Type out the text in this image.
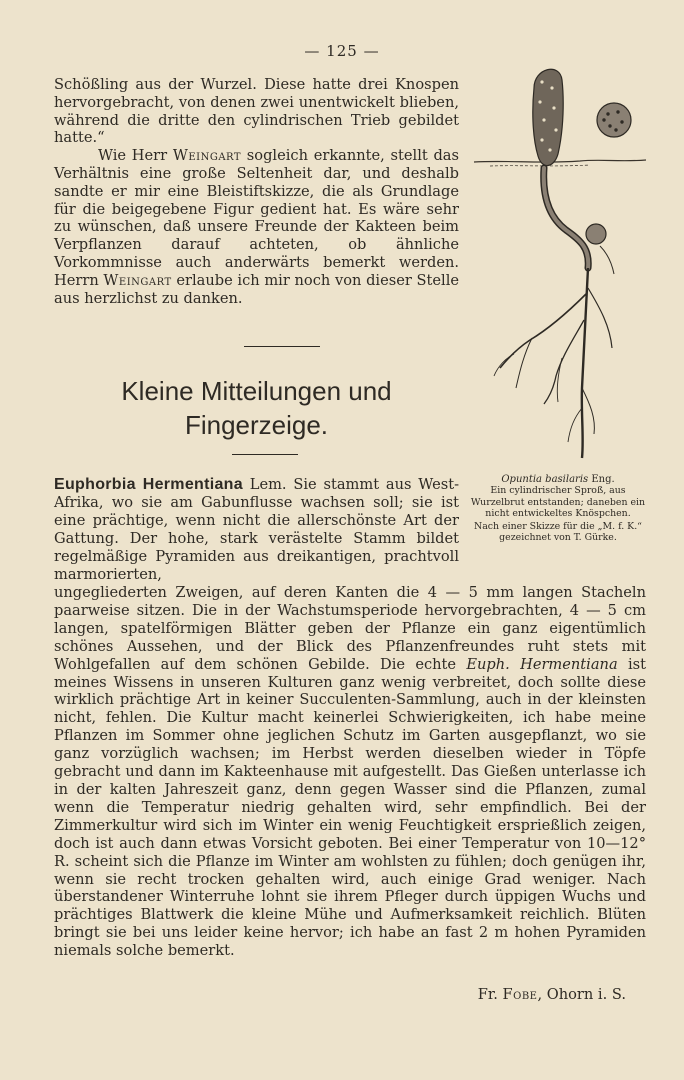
— 125 —

Schößling aus der Wurzel. Diese hatte drei Knospen hervorgebracht, von denen zwei unentwickelt blieben, während die dritte den cylindrischen Trieb gebildet hatte.“

Wie Herr Weingart sogleich erkannte, stellt das Verhältnis eine große Seltenheit dar, und deshalb sandte er mir eine Bleistiftskizze, die als Grundlage für die beigegebene Figur gedient hat. Es wäre sehr zu wünschen, daß unsere Freunde der Kakteen beim Verpflanzen darauf achteten, ob ähnliche Vorkommnisse auch anderwärts bemerkt werden. Herrn Weingart erlaube ich mir noch von dieser Stelle aus herzlichst zu danken.

Kleine Mitteilungen und
Fingerzeige.
Opuntia basilaris Eng.
Ein cylindrischer Sproß, aus Wurzelbrut entstanden; daneben ein nicht entwickeltes Knöspchen.
Nach einer Skizze für die „M. f. K.“ gezeichnet von T. Gürke.

Euphorbia Hermentiana Lem. Sie stammt aus West-Afrika, wo sie am Gabunflusse wachsen soll; sie ist eine prächtige, wenn nicht die allerschönste Art der Gattung. Der hohe, stark verästelte Stamm bildet regelmäßige Pyramiden aus dreikantigen, prachtvoll marmorierten,

ungegliederten Zweigen, auf deren Kanten die 4 — 5 mm langen Stacheln paarweise sitzen. Die in der Wachstumsperiode hervorgebrachten, 4 — 5 cm langen, spatelförmigen Blätter geben der Pflanze ein ganz eigentümlich schönes Aussehen, und der Blick des Pflanzenfreundes ruht stets mit Wohlgefallen auf dem schönen Gebilde. Die echte Euph. Hermentiana ist meines Wissens in unseren Kulturen ganz wenig verbreitet, doch sollte diese wirklich prächtige Art in keiner Succulenten-Sammlung, auch in der kleinsten nicht, fehlen. Die Kultur macht keinerlei Schwierigkeiten, ich habe meine Pflanzen im Sommer ohne jeglichen Schutz im Garten ausgepflanzt, wo sie ganz vorzüglich wachsen; im Herbst werden dieselben wieder in Töpfe gebracht und dann im Kakteenhause mit aufgestellt. Das Gießen unterlasse ich in der kalten Jahreszeit ganz, denn gegen Wasser sind die Pflanzen, zumal wenn die Temperatur niedrig gehalten wird, sehr empfindlich. Bei der Zimmerkultur wird sich im Winter ein wenig Feuchtigkeit ersprießlich zeigen, doch ist auch dann etwas Vorsicht geboten. Bei einer Temperatur von 10—12° R. scheint sich die Pflanze im Winter am wohlsten zu fühlen; doch genügen ihr, wenn sie recht trocken gehalten wird, auch einige Grad weniger. Nach überstandener Winterruhe lohnt sie ihrem Pfleger durch üppigen Wuchs und prächtiges Blattwerk die kleine Mühe und Aufmerksamkeit reichlich. Blüten bringt sie bei uns leider keine hervor; ich habe an fast 2 m hohen Pyramiden niemals solche bemerkt.

Fr. Fobe, Ohorn i. S.
